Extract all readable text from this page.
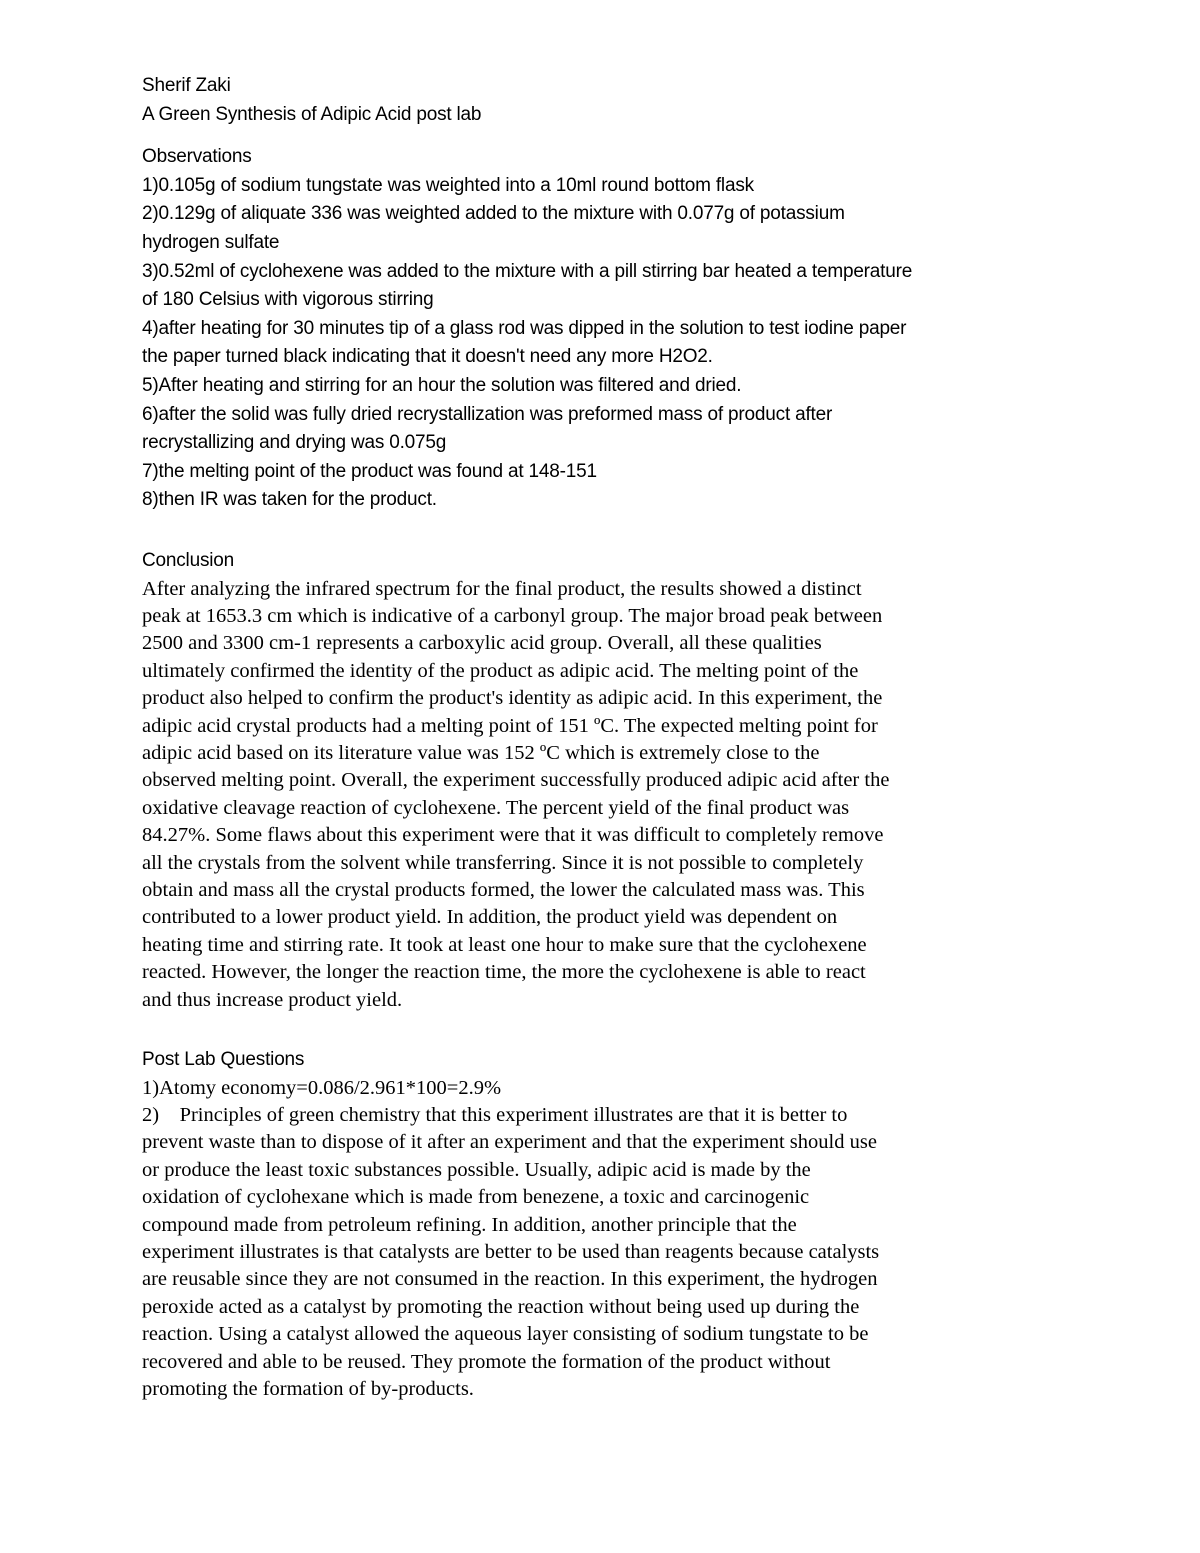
Sherif Zaki
A Green Synthesis of Adipic Acid post lab
Observations
1)0.105g of sodium tungstate was weighted into a 10ml round bottom flask
2)0.129g of aliquate 336 was weighted added to the mixture with 0.077g of potassium
hydrogen sulfate
3)0.52ml of cyclohexene was added to the mixture with a pill stirring bar heated a temperature
of 180 Celsius with vigorous stirring
4)after heating for 30 minutes tip of a glass rod was dipped in the solution to test iodine paper
the paper turned black indicating that it doesn't need any more H2O2.
5)After heating and stirring for an hour the solution was filtered and dried.
6)after the solid was fully dried recrystallization was preformed mass of product after
recrystallizing and drying was 0.075g
7)the melting point of the product was found at 148-151
8)then IR was taken for the product.
Conclusion
After analyzing the infrared spectrum for the final product, the results showed a distinct
peak at 1653.3 cm which is indicative of a carbonyl group. The major broad peak between
2500 and 3300 cm-1 represents a carboxylic acid group. Overall, all these qualities
ultimately confirmed the identity of the product as adipic acid. The melting point of the
product also helped to confirm the product's identity as adipic acid. In this experiment, the
adipic acid crystal products had a melting point of 151 ºC. The expected melting point for
adipic acid based on its literature value was 152 ºC which is extremely close to the
observed melting point. Overall, the experiment successfully produced adipic acid after the
oxidative cleavage reaction of cyclohexene. The percent yield of the final product was
84.27%. Some flaws about this experiment were that it was difficult to completely remove
all the crystals from the solvent while transferring. Since it is not possible to completely
obtain and mass all the crystal products formed, the lower the calculated mass was. This
contributed to a lower product yield. In addition, the product yield was dependent on
heating time and stirring rate. It took at least one hour to make sure that the cyclohexene
reacted. However, the longer the reaction time, the more the cyclohexene is able to react
and thus increase product yield.
Post Lab Questions
1)Atomy economy=0.086/2.961*100=2.9%
2)    Principles of green chemistry that this experiment illustrates are that it is better to
prevent waste than to dispose of it after an experiment and that the experiment should use
or produce the least toxic substances possible. Usually, adipic acid is made by the
oxidation of cyclohexane which is made from benezene, a toxic and carcinogenic
compound made from petroleum refining. In addition, another principle that the
experiment illustrates is that catalysts are better to be used than reagents because catalysts
are reusable since they are not consumed in the reaction. In this experiment, the hydrogen
peroxide acted as a catalyst by promoting the reaction without being used up during the
reaction. Using a catalyst allowed the aqueous layer consisting of sodium tungstate to be
recovered and able to be reused. They promote the formation of the product without
promoting the formation of by-products.
